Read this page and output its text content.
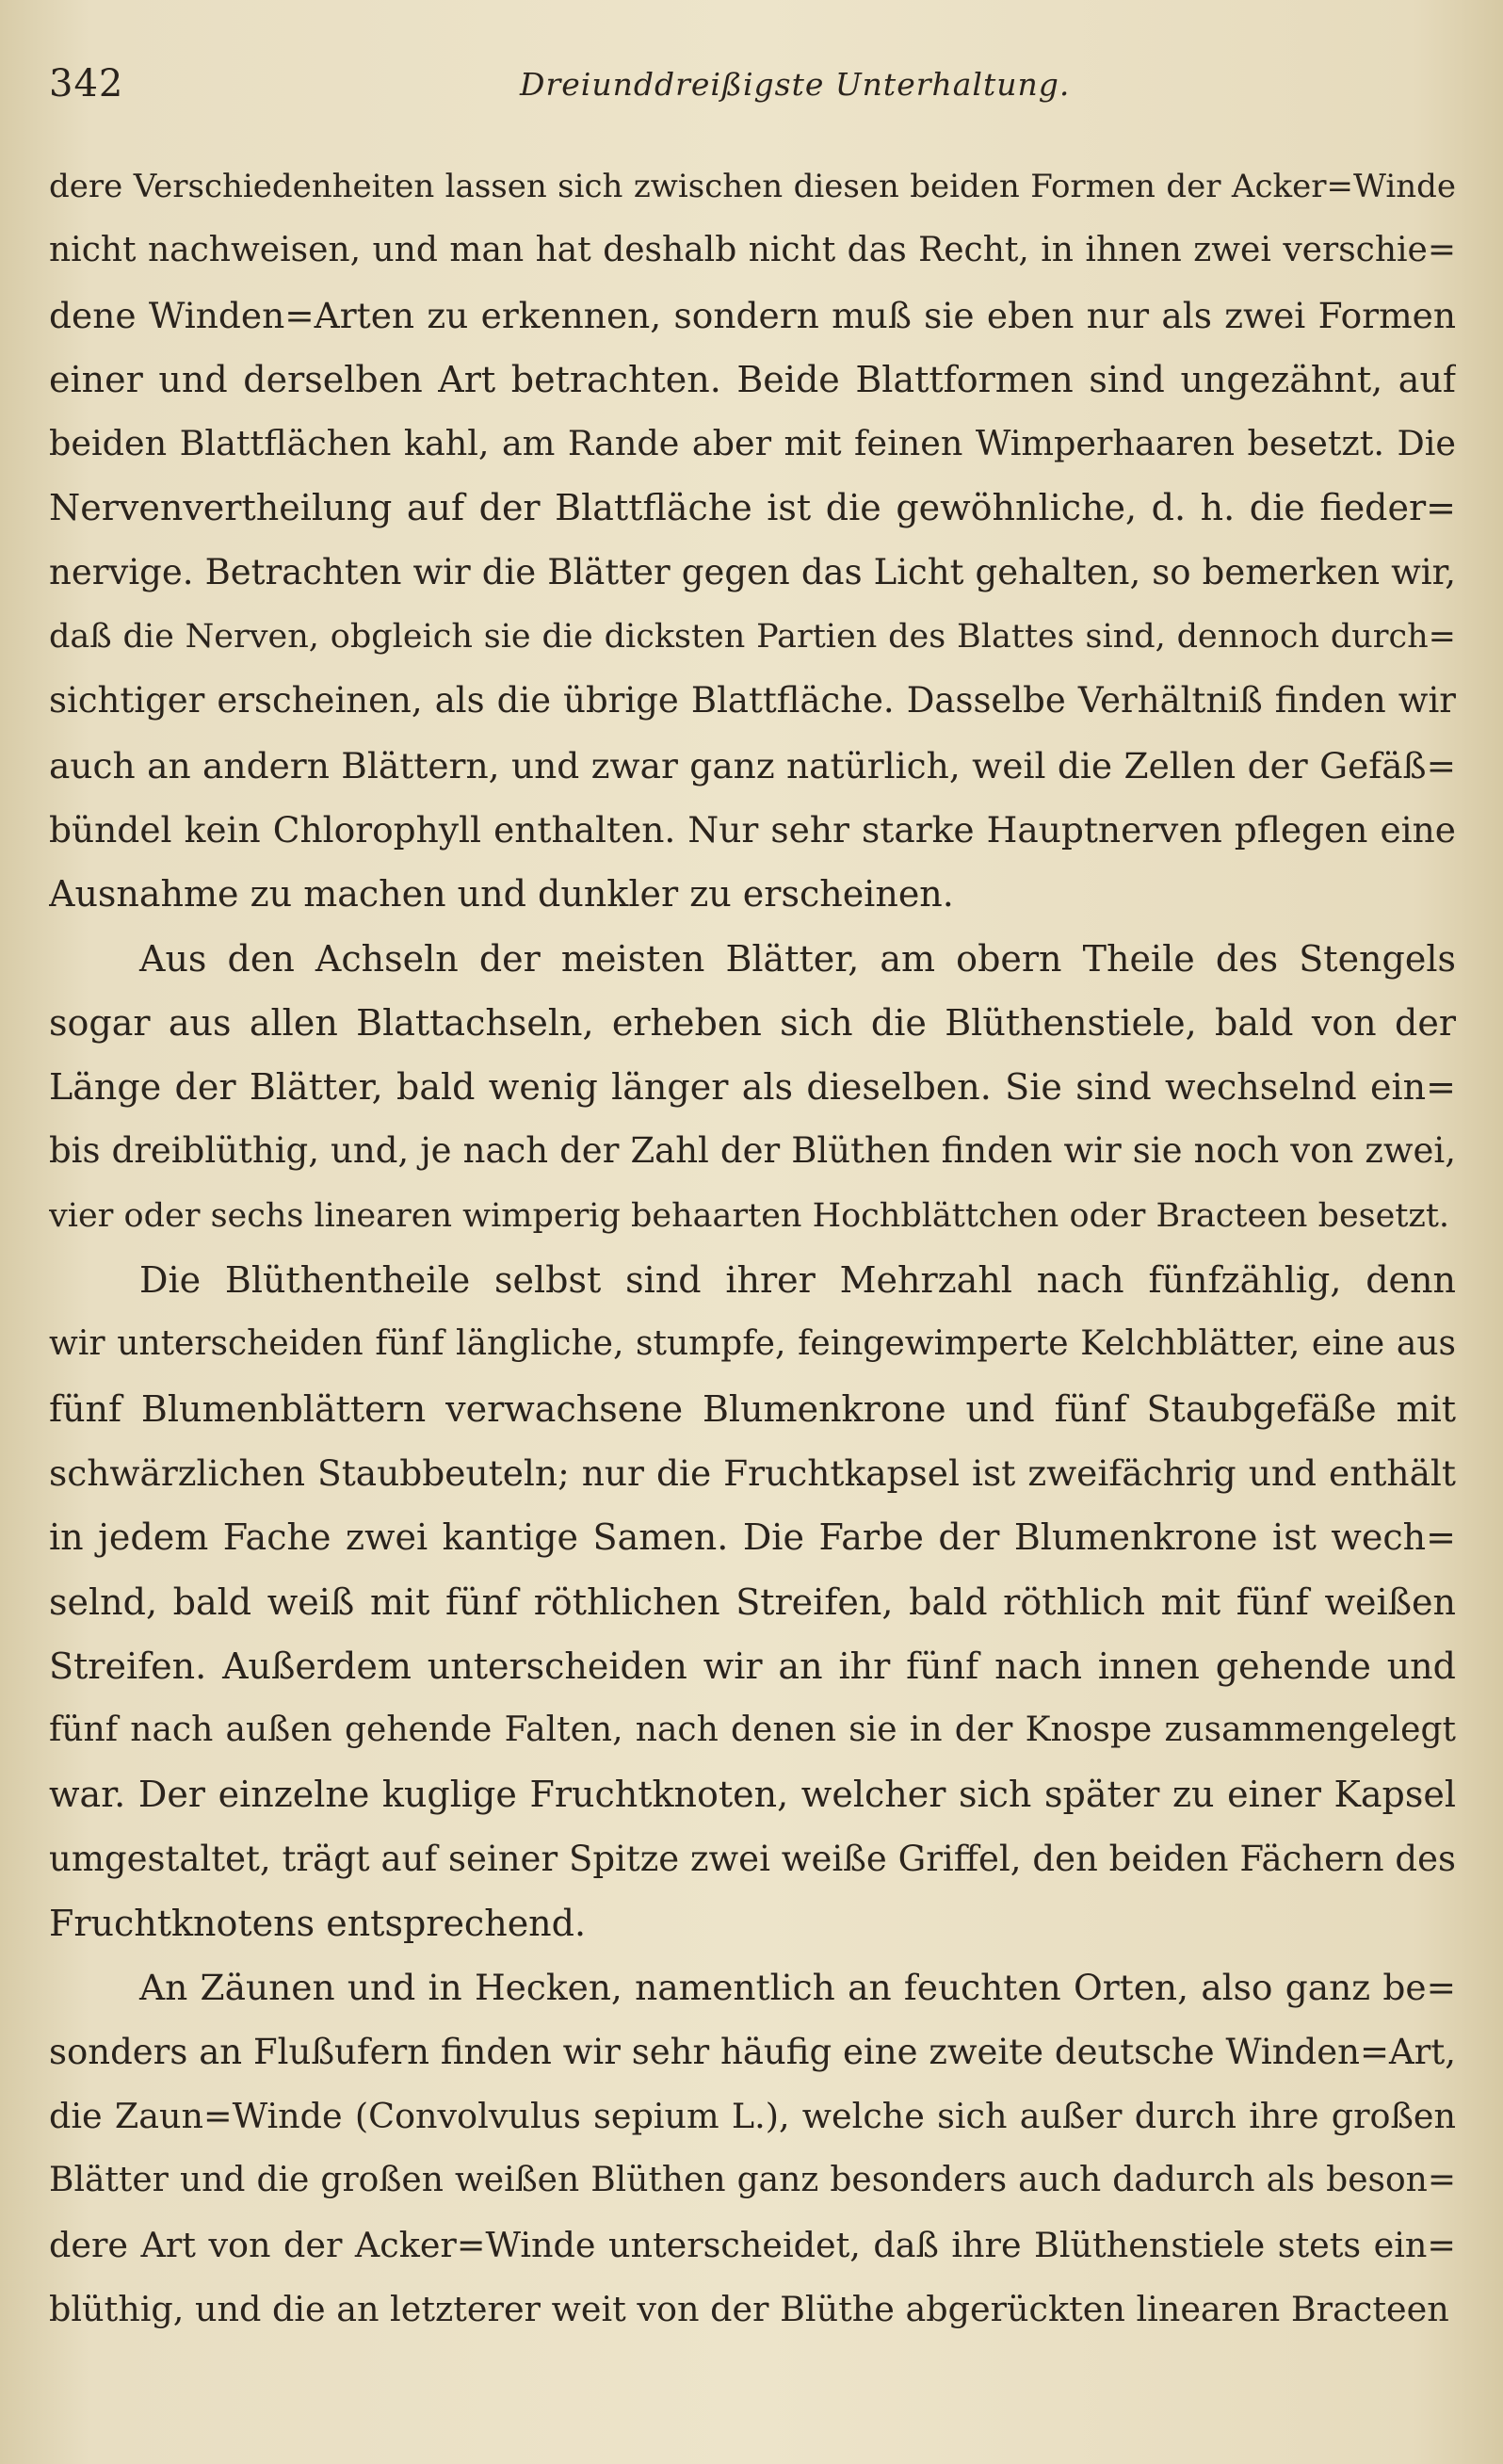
342	Dreiunddreißigste Unterhaltung.
dere Verschiedenheiten lassen sich zwischen diesen beiden Formen der Acker=Winde
nicht nachweisen, und man hat deshalb nicht das Recht, in ihnen zwei verschie=
dene Winden=Arten zu erkennen, sondern muß sie eben nur als zwei Formen
einer und derselben Art betrachten. Beide Blattformen sind ungezähnt, auf
beiden Blattflächen kahl, am Rande aber mit feinen Wimperhaaren besetzt. Die
Nervenvertheilung auf der Blattfläche ist die gewöhnliche, d. h. die fieder=
nervige. Betrachten wir die Blätter gegen das Licht gehalten, so bemerken wir,
daß die Nerven, obgleich sie die dicksten Partien des Blattes sind, dennoch durch=
sichtiger erscheinen, als die übrige Blattfläche. Dasselbe Verhältniß finden wir
auch an andern Blättern, und zwar ganz natürlich, weil die Zellen der Gefäß=
bündel kein Chlorophyll enthalten. Nur sehr starke Hauptnerven pflegen eine
Ausnahme zu machen und dunkler zu erscheinen.
Aus den Achseln der meisten Blätter, am obern Theile des Stengels
sogar aus allen Blattachseln, erheben sich die Blüthenstiele, bald von der
Länge der Blätter, bald wenig länger als dieselben. Sie sind wechselnd ein=
bis dreiblüthig, und, je nach der Zahl der Blüthen finden wir sie noch von zwei,
vier oder sechs linearen wimperig behaarten Hochblättchen oder Bracteen besetzt.
Die Blüthentheile selbst sind ihrer Mehrzahl nach fünfzählig, denn
wir unterscheiden fünf längliche, stumpfe, feingewimperte Kelchblätter, eine aus
fünf Blumenblättern verwachsene Blumenkrone und fünf Staubgefäße mit
schwärzlichen Staubbeuteln; nur die Fruchtkapsel ist zweifächrig und enthält
in jedem Fache zwei kantige Samen. Die Farbe der Blumenkrone ist wech=
selnd, bald weiß mit fünf röthlichen Streifen, bald röthlich mit fünf weißen
Streifen. Außerdem unterscheiden wir an ihr fünf nach innen gehende und
fünf nach außen gehende Falten, nach denen sie in der Knospe zusammengelegt
war. Der einzelne kuglige Fruchtknoten, welcher sich später zu einer Kapsel
umgestaltet, trägt auf seiner Spitze zwei weiße Griffel, den beiden Fächern des
Fruchtknotens entsprechend.
An Zäunen und in Hecken, namentlich an feuchten Orten, also ganz be=
sonders an Flußufern finden wir sehr häufig eine zweite deutsche Winden=Art,
die Zaun=Winde (Convolvulus sepium L.), welche sich außer durch ihre großen
Blätter und die großen weißen Blüthen ganz besonders auch dadurch als beson=
dere Art von der Acker=Winde unterscheidet, daß ihre Blüthenstiele stets ein=
blüthig, und die an letzterer weit von der Blüthe abgerückten linearen Bracteen
